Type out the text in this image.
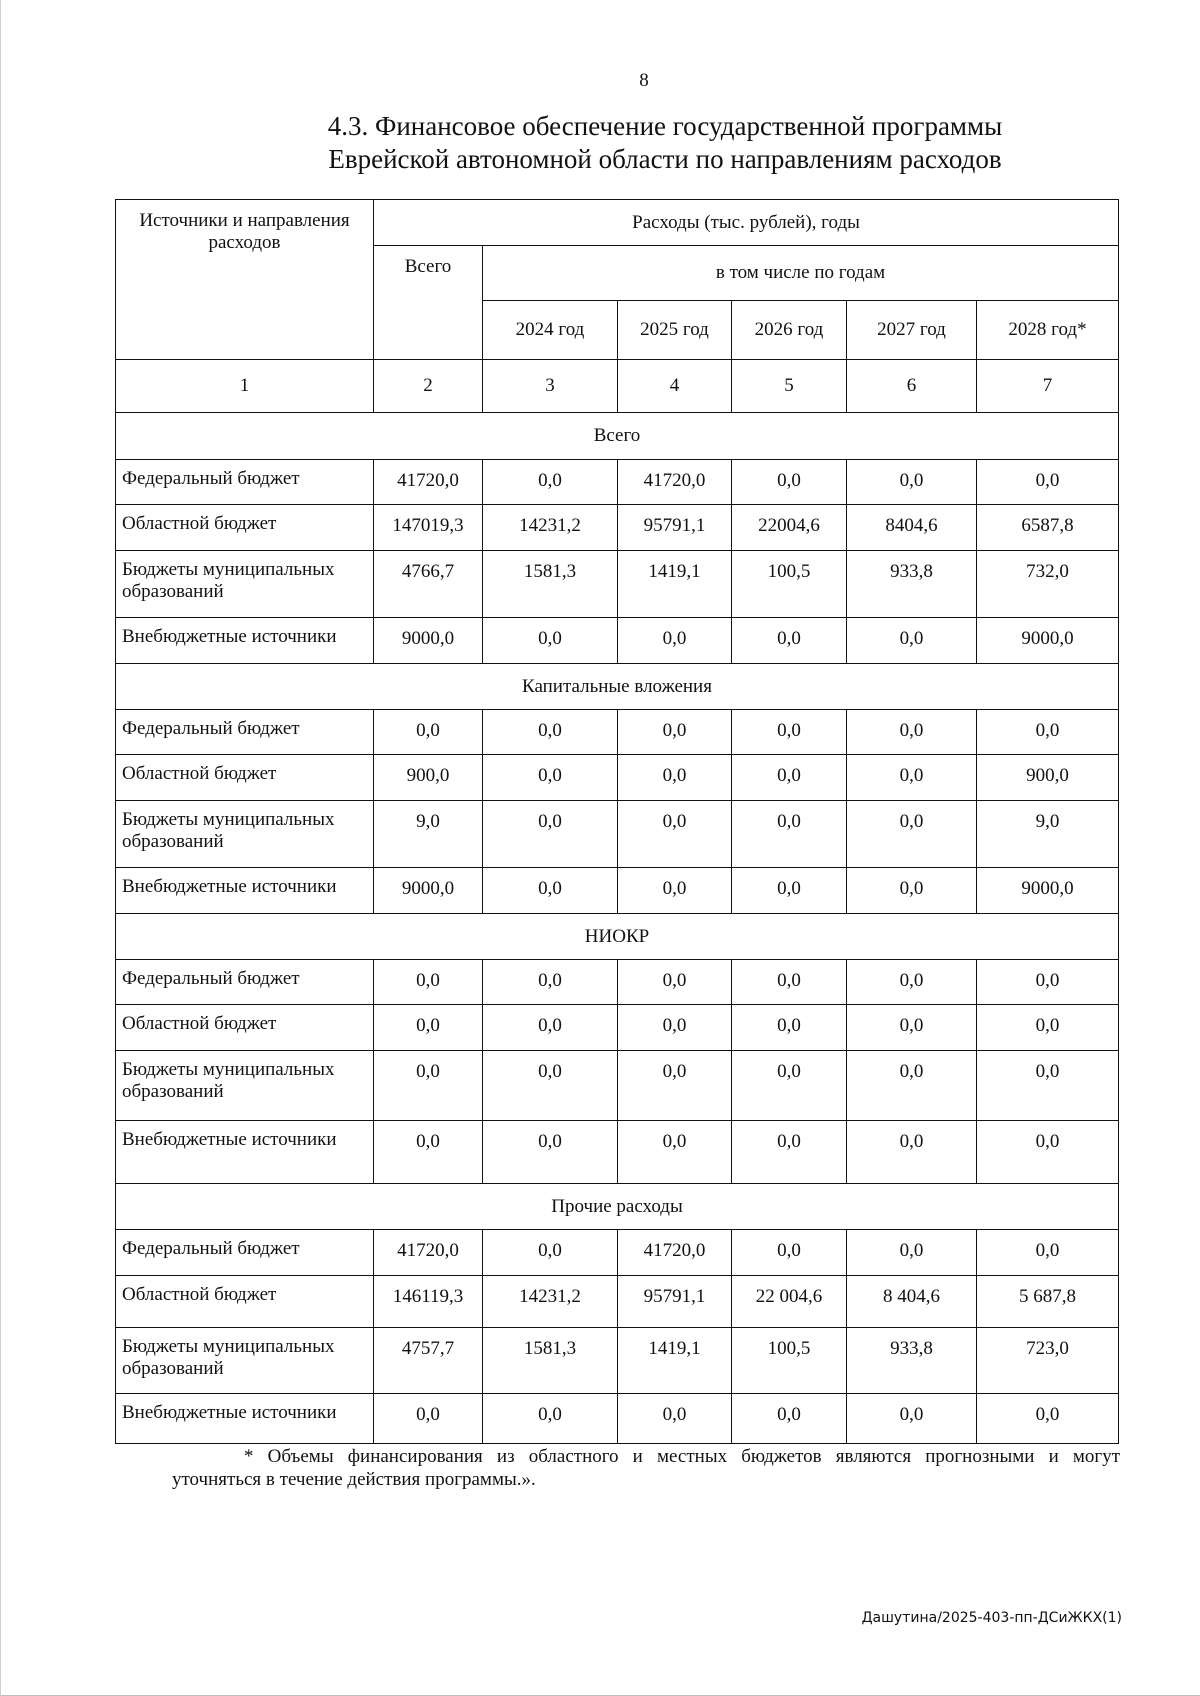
8
4.3. Финансовое обеспечение государственной программы
Еврейской автономной области по направлениям расходов
Источники и направления расходов	Расходы (тыс. рублей), годы					
	Всего	в том числе по годам				
		2024 год	2025 год	2026 год	2027 год	2028 год*
1	2	3	4	5	6	7
Всего						
Федеральный бюджет	41720,0	0,0	41720,0	0,0	0,0	0,0
Областной бюджет	147019,3	14231,2	95791,1	22004,6	8404,6	6587,8
Бюджеты муниципальных образований	4766,7	1581,3	1419,1	100,5	933,8	732,0
Внебюджетные источники	9000,0	0,0	0,0	0,0	0,0	9000,0
Капитальные вложения						
Федеральный бюджет	0,0	0,0	0,0	0,0	0,0	0,0
Областной бюджет	900,0	0,0	0,0	0,0	0,0	900,0
Бюджеты муниципальных образований	9,0	0,0	0,0	0,0	0,0	9,0
Внебюджетные источники	9000,0	0,0	0,0	0,0	0,0	9000,0
НИОКР						
Федеральный бюджет	0,0	0,0	0,0	0,0	0,0	0,0
Областной бюджет	0,0	0,0	0,0	0,0	0,0	0,0
Бюджеты муниципальных образований	0,0	0,0	0,0	0,0	0,0	0,0
Внебюджетные источники	0,0	0,0	0,0	0,0	0,0	0,0
Прочие расходы						
Федеральный бюджет	41720,0	0,0	41720,0	0,0	0,0	0,0
Областной бюджет	146119,3	14231,2	95791,1	22 004,6	8 404,6	5 687,8
Бюджеты муниципальных образований	4757,7	1581,3	1419,1	100,5	933,8	723,0
Внебюджетные источники	0,0	0,0	0,0	0,0	0,0	0,0
* Объемы финансирования из областного и местных бюджетов являются прогнозными и могут
уточняться в течение действия программы.».
Дашутина/2025-403-пп-ДСиЖКХ(1)
